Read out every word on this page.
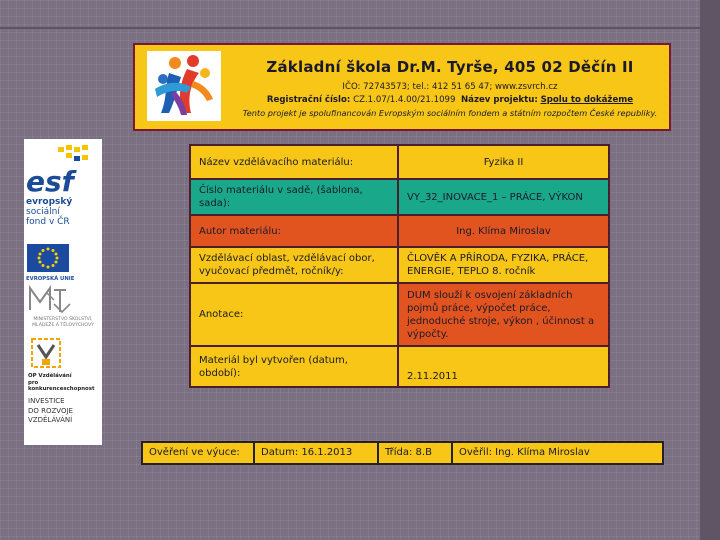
Základní škola Dr.M. Tyrše, 405 02 Děčín II
IČO: 72743573; tel.: 412 51 65 47; www.zsvrch.cz
Registrační číslo: CZ.1.07/1.4.00/21.1099 Název projektu: Spolu to dokážeme
Tento projekt je spolufinancován Evropským sociálním fondem a státním rozpočtem České republiky.
esf
evropský
sociální
fond v ČR
EVROPSKÁ UNIE
MINISTERSTVO ŠKOLSTVÍ,
MLÁDEŽE A TĚLOVÝCHOVY
OP Vzdělávání
pro konkurenceschopnost
INVESTICE
DO ROZVOJE
VZDĚLÁVÁNÍ
Název vzdělávacího materiálu:	Fyzika II
Číslo materiálu v sadě, (šablona, sada):	VY_32_INOVACE_1 – PRÁCE, VÝKON
Autor materiálu:	Ing. Klíma Miroslav
Vzdělávací oblast, vzdělávací obor, vyučovací předmět, ročník/y:	ČLOVĚK A PŘÍRODA, FYZIKA, PRÁCE, ENERGIE, TEPLO 8. ročník
Anotace:	DUM slouží k osvojení základních pojmů práce, výpočet práce, jednoduché stroje, výkon , účinnost a výpočty.
Materiál byl vytvořen (datum, období):	2.11.2011
Ověření ve výuce:	Datum: 16.1.2013	Třída: 8.B	Ověřil: Ing. Klíma Miroslav
